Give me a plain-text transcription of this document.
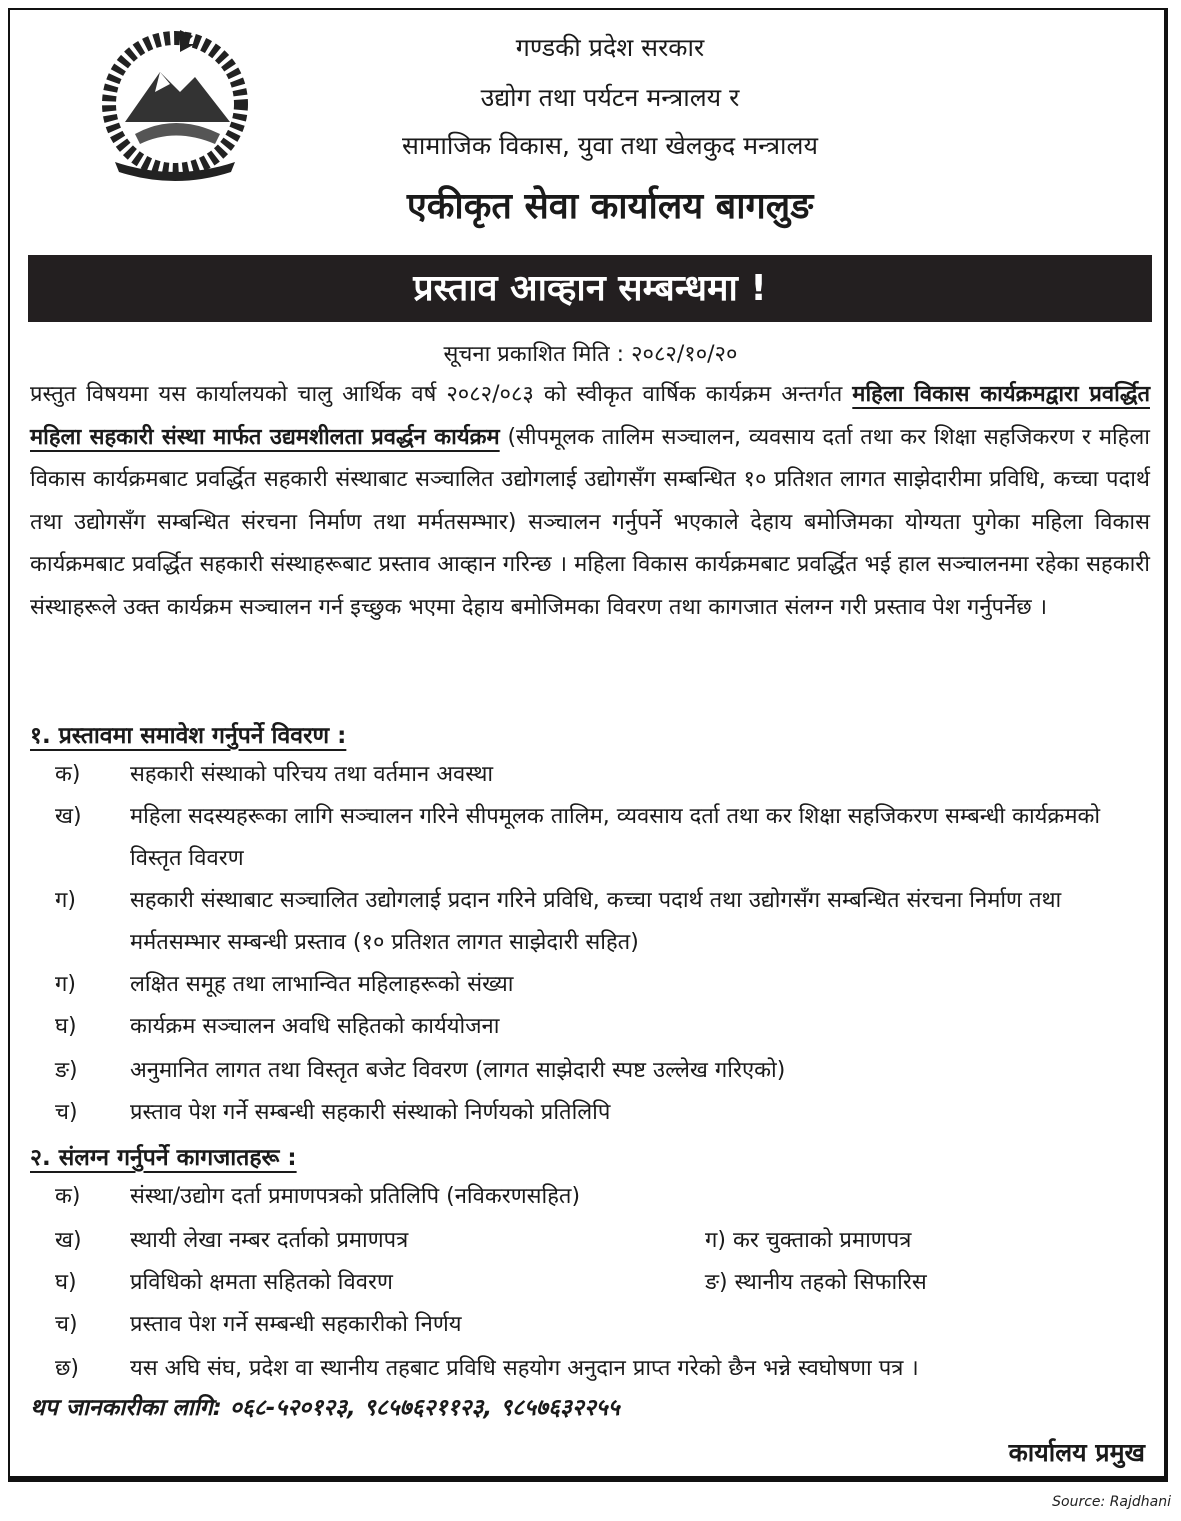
गण्डकी प्रदेश सरकार
उद्योग तथा पर्यटन मन्त्रालय र
सामाजिक विकास, युवा तथा खेलकुद मन्त्रालय
एकीकृत सेवा कार्यालय बागलुङ
प्रस्ताव आव्हान सम्बन्धमा !
सूचना प्रकाशित मिति : २०८२/१०/२०
प्रस्तुत विषयमा यस कार्यालयको चालु आर्थिक वर्ष २०८२/०८३ को स्वीकृत वार्षिक कार्यक्रम अन्तर्गत महिला विकास कार्यक्रमद्वारा प्रवर्द्धित महिला सहकारी संस्था मार्फत उद्यमशीलता प्रवर्द्धन कार्यक्रम (सीपमूलक तालिम सञ्चालन, व्यवसाय दर्ता तथा कर शिक्षा सहजिकरण र महिला विकास कार्यक्रमबाट प्रवर्द्धित सहकारी संस्थाबाट सञ्चालित उद्योगलाई उद्योगसँग सम्बन्धित १० प्रतिशत लागत साझेदारीमा प्रविधि, कच्चा पदार्थ तथा उद्योगसँग सम्बन्धित संरचना निर्माण तथा मर्मतसम्भार) सञ्चालन गर्नुपर्ने भएकाले देहाय बमोजिमका योग्यता पुगेका महिला विकास कार्यक्रमबाट प्रवर्द्धित सहकारी संस्थाहरूबाट प्रस्ताव आव्हान गरिन्छ । महिला विकास कार्यक्रमबाट प्रवर्द्धित भई हाल सञ्चालनमा रहेका सहकारी संस्थाहरूले उक्त कार्यक्रम सञ्चालन गर्न इच्छुक भएमा देहाय बमोजिमका विवरण तथा कागजात संलग्न गरी प्रस्ताव पेश गर्नुपर्नेछ ।
१. प्रस्तावमा समावेश गर्नुपर्ने विवरण :
क) सहकारी संस्थाको परिचय तथा वर्तमान अवस्था
ख) महिला सदस्यहरूका लागि सञ्चालन गरिने सीपमूलक तालिम, व्यवसाय दर्ता तथा कर शिक्षा सहजिकरण सम्बन्धी कार्यक्रमको विस्तृत विवरण
ग) सहकारी संस्थाबाट सञ्चालित उद्योगलाई प्रदान गरिने प्रविधि, कच्चा पदार्थ तथा उद्योगसँग सम्बन्धित संरचना निर्माण तथा मर्मतसम्भार सम्बन्धी प्रस्ताव (१० प्रतिशत लागत साझेदारी सहित)
ग) लक्षित समूह तथा लाभान्वित महिलाहरूको संख्या
घ) कार्यक्रम सञ्चालन अवधि सहितको कार्ययोजना
ङ) अनुमानित लागत तथा विस्तृत बजेट विवरण (लागत साझेदारी स्पष्ट उल्लेख गरिएको)
च) प्रस्ताव पेश गर्ने सम्बन्धी सहकारी संस्थाको निर्णयको प्रतिलिपि
२. संलग्न गर्नुपर्ने कागजातहरू :
क) संस्था/उद्योग दर्ता प्रमाणपत्रको प्रतिलिपि (नविकरणसहित)
ख) स्थायी लेखा नम्बर दर्ताको प्रमाणपत्र	ग) कर चुक्ताको प्रमाणपत्र
घ) प्रविधिको क्षमता सहितको विवरण	ङ) स्थानीय तहको सिफारिस
च) प्रस्ताव पेश गर्ने सम्बन्धी सहकारीको निर्णय
छ) यस अघि संघ, प्रदेश वा स्थानीय तहबाट प्रविधि सहयोग अनुदान प्राप्त गरेको छैन भन्ने स्वघोषणा पत्र ।
थप जानकारीका लागि: ०६८-५२०१२३, ९८५७६२११२३, ९८५७६३२२५५
कार्यालय प्रमुख
Source: Rajdhani
